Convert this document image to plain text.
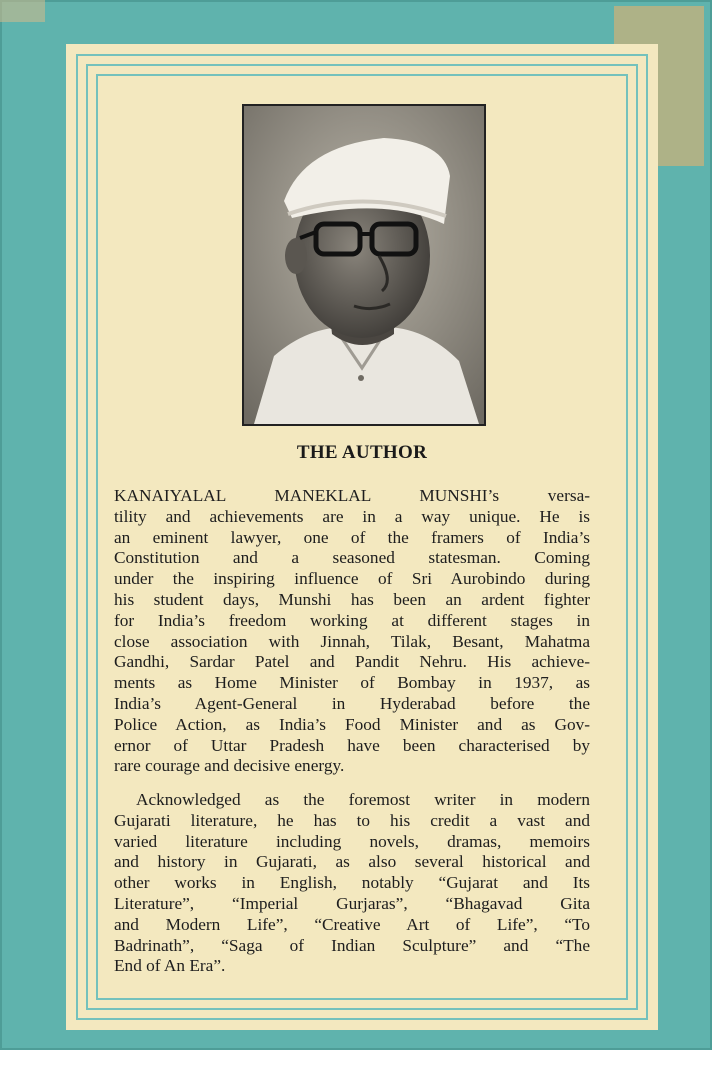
THE AUTHOR
KANAIYALAL MANEKLAL MUNSHI’s versa-
tility and achievements are in a way unique. He is
an eminent lawyer, one of the framers of India’s
Constitution and a seasoned statesman. Coming
under the inspiring influence of Sri Aurobindo during
his student days, Munshi has been an ardent fighter
for India’s freedom working at different stages in
close association with Jinnah, Tilak, Besant, Mahatma
Gandhi, Sardar Patel and Pandit Nehru. His achieve-
ments as Home Minister of Bombay in 1937, as
India’s Agent-General in Hyderabad before the
Police Action, as India’s Food Minister and as Gov-
ernor of Uttar Pradesh have been characterised by
rare courage and decisive energy.
Acknowledged as the foremost writer in modern
Gujarati literature, he has to his credit a vast and
varied literature including novels, dramas, memoirs
and history in Gujarati, as also several historical and
other works in English, notably “Gujarat and Its
Literature”, “Imperial Gurjaras”, “Bhagavad Gita
and Modern Life”, “Creative Art of Life”, “To
Badrinath”, “Saga of Indian Sculpture” and “The
End of An Era”.
